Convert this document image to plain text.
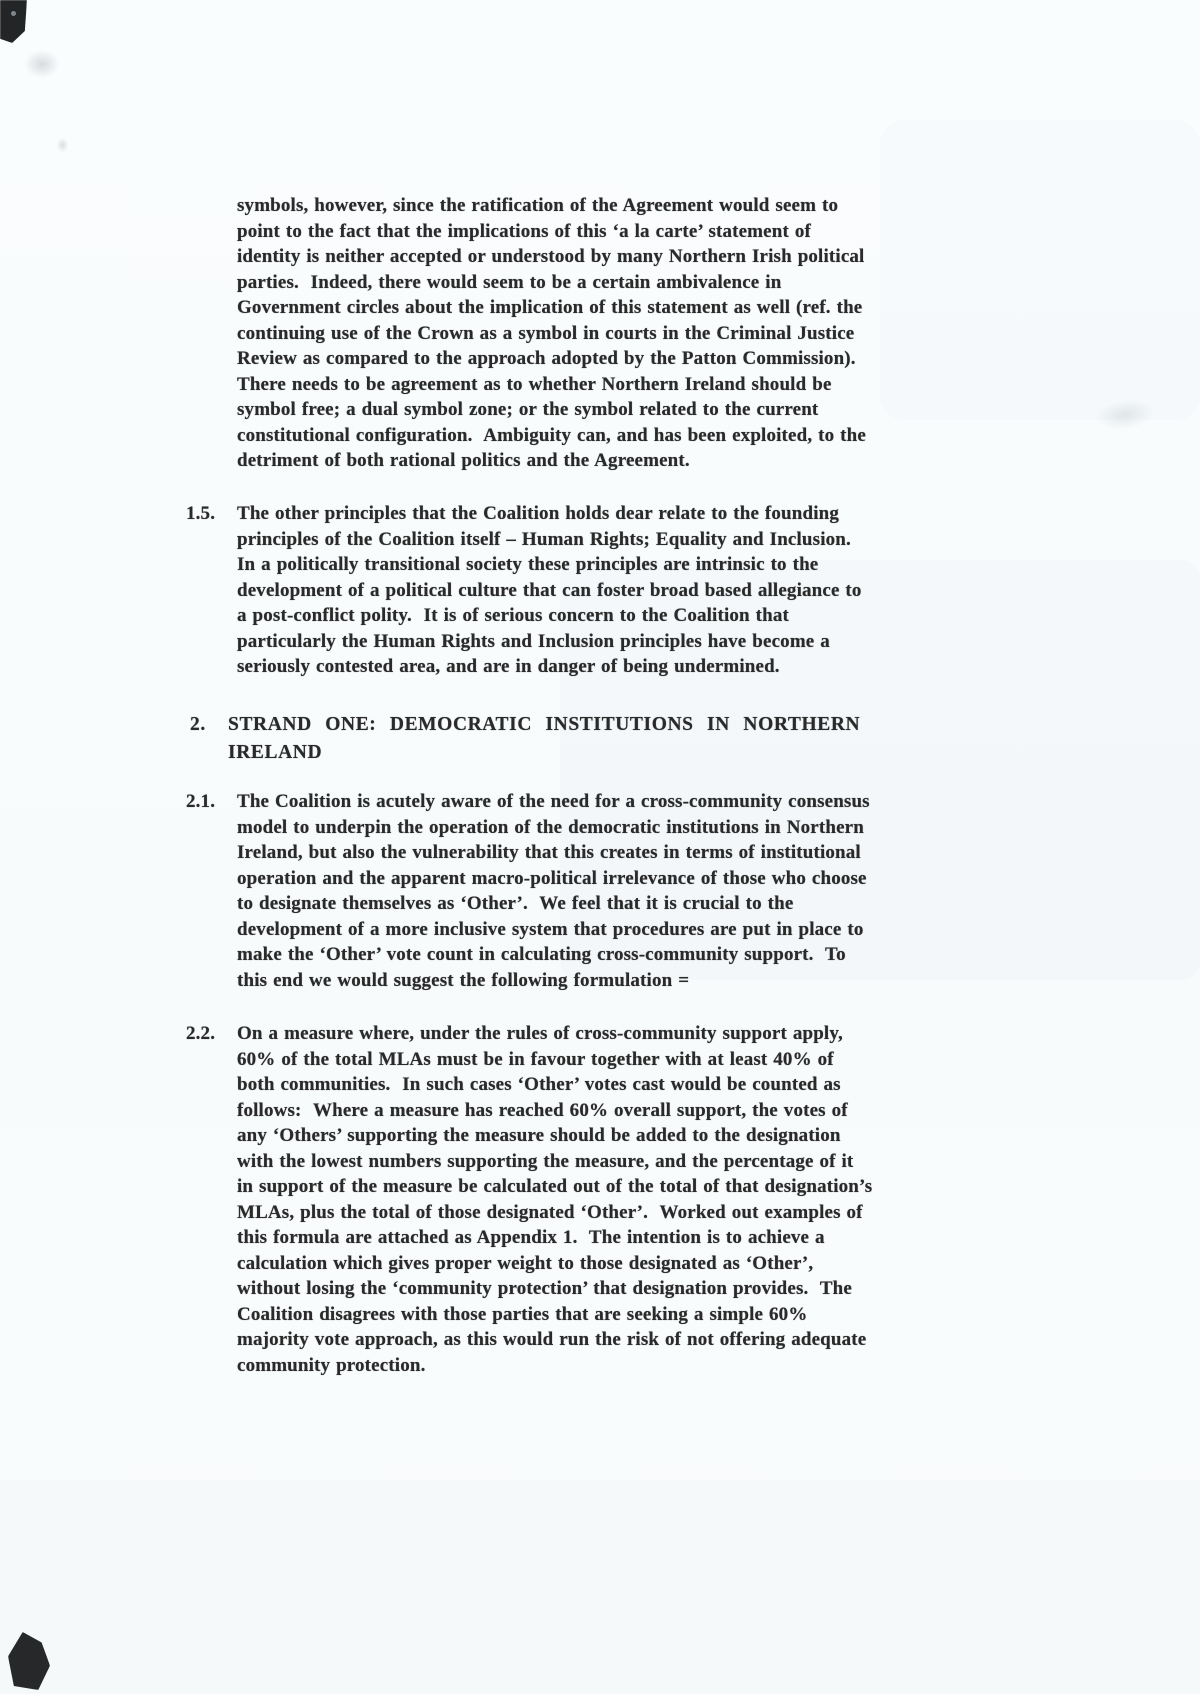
symbols, however, since the ratification of the Agreement would seem to
point to the fact that the implications of this ‘a la carte’ statement of
identity is neither accepted or understood by many Northern Irish political
parties.  Indeed, there would seem to be a certain ambivalence in
Government circles about the implication of this statement as well (ref. the
continuing use of the Crown as a symbol in courts in the Criminal Justice
Review as compared to the approach adopted by the Patton Commission).
There needs to be agreement as to whether Northern Ireland should be
symbol free; a dual symbol zone; or the symbol related to the current
constitutional configuration.  Ambiguity can, and has been exploited, to the
detriment of both rational politics and the Agreement.
1.5.	The other principles that the Coalition holds dear relate to the founding
principles of the Coalition itself – Human Rights; Equality and Inclusion.
In a politically transitional society these principles are intrinsic to the
development of a political culture that can foster broad based allegiance to
a post-conflict polity.  It is of serious concern to the Coalition that
particularly the Human Rights and Inclusion principles have become a
seriously contested area, and are in danger of being undermined.
2.	STRAND ONE: DEMOCRATIC INSTITUTIONS IN NORTHERN
IRELAND
2.1.	The Coalition is acutely aware of the need for a cross-community consensus
model to underpin the operation of the democratic institutions in Northern
Ireland, but also the vulnerability that this creates in terms of institutional
operation and the apparent macro-political irrelevance of those who choose
to designate themselves as ‘Other’.  We feel that it is crucial to the
development of a more inclusive system that procedures are put in place to
make the ‘Other’ vote count in calculating cross-community support.  To
this end we would suggest the following formulation =
2.2.	On a measure where, under the rules of cross-community support apply,
60% of the total MLAs must be in favour together with at least 40% of
both communities.  In such cases ‘Other’ votes cast would be counted as
follows:  Where a measure has reached 60% overall support, the votes of
any ‘Others’ supporting the measure should be added to the designation
with the lowest numbers supporting the measure, and the percentage of it
in support of the measure be calculated out of the total of that designation’s
MLAs, plus the total of those designated ‘Other’.  Worked out examples of
this formula are attached as Appendix 1.  The intention is to achieve a
calculation which gives proper weight to those designated as ‘Other’,
without losing the ‘community protection’ that designation provides.  The
Coalition disagrees with those parties that are seeking a simple 60%
majority vote approach, as this would run the risk of not offering adequate
community protection.
